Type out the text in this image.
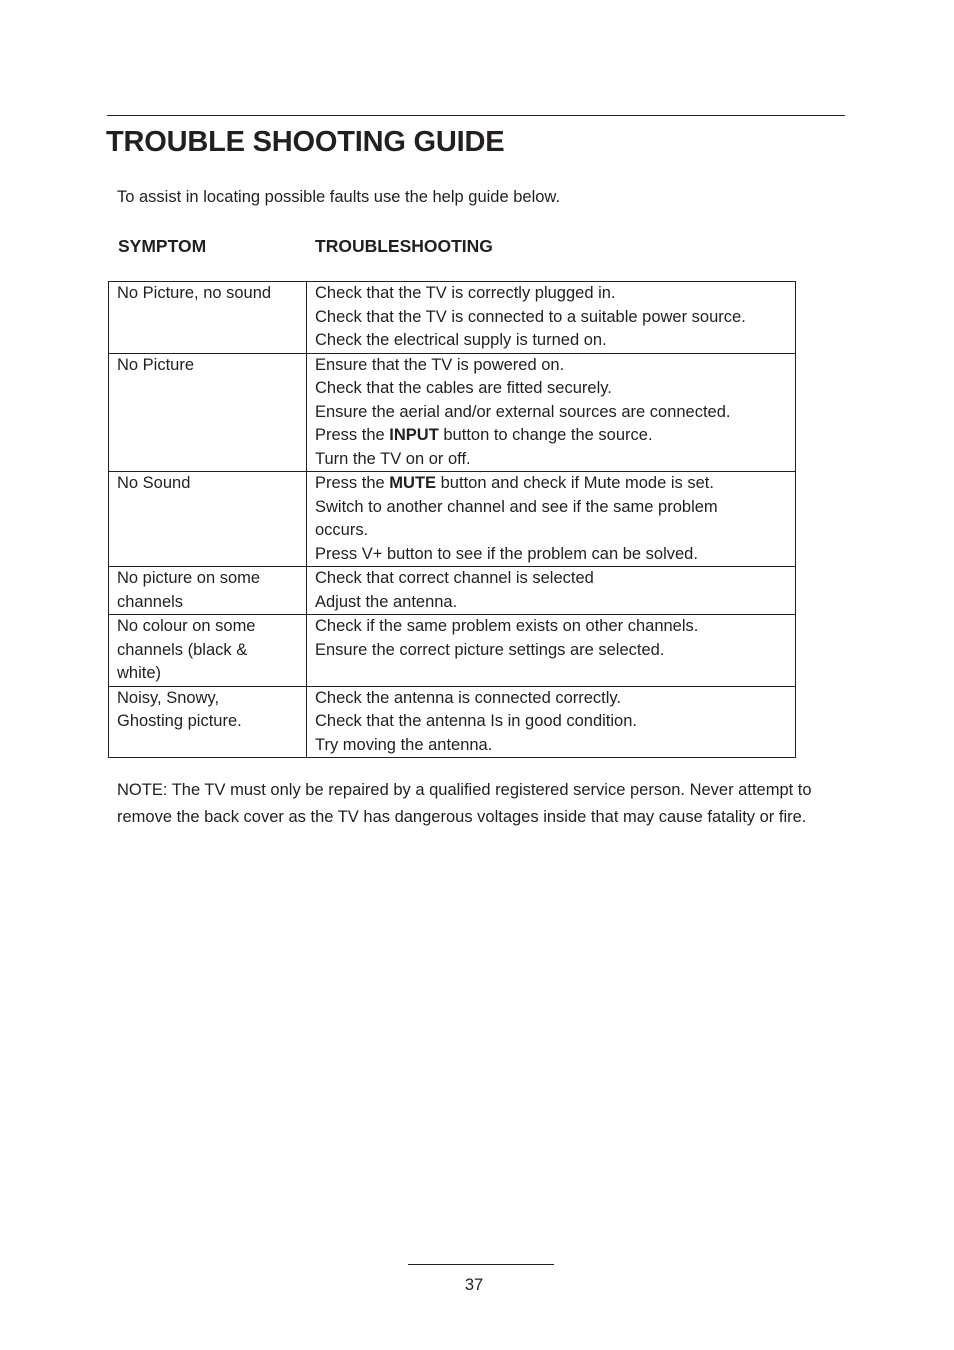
TROUBLE SHOOTING GUIDE
To assist in locating possible faults use the help guide below.
SYMPTOM	TROUBLESHOOTING
No Picture, no sound	Check that the TV is correctly plugged in.
Check that the TV is connected to a suitable power source.
Check the electrical supply is turned on.

No Picture	Ensure that the TV is powered on.
Check that the cables are fitted securely.
Ensure the aerial and/or external sources are connected.
Press the INPUT button to change the source.
Turn the TV on or off.

No Sound	Press the MUTE button and check if Mute mode is set.
Switch to another channel and see if the same problem
occurs.
Press V+ button to see if the problem can be solved.

No picture on some
channels	Check that correct channel is selected
Adjust the antenna.

No colour on some
channels (black &
white)	Check if the same problem exists on other channels.
Ensure the correct picture settings are selected.

Noisy, Snowy,
Ghosting picture.	Check the antenna is connected correctly.
Check that the antenna Is in good condition.
Try moving the antenna.
NOTE: The TV must only be repaired by a qualified registered service person. Never attempt to remove the back cover as the TV has dangerous voltages inside that may cause fatality or fire.
37
